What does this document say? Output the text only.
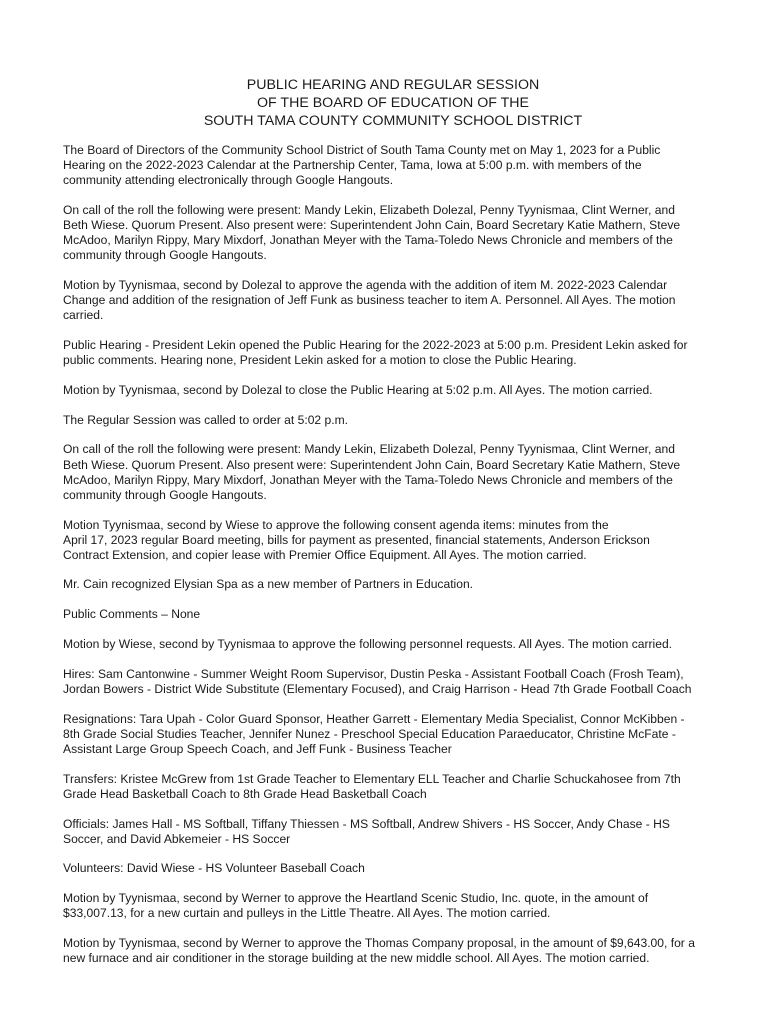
PUBLIC HEARING AND REGULAR SESSION
OF THE BOARD OF EDUCATION OF THE
SOUTH TAMA COUNTY COMMUNITY SCHOOL DISTRICT

The Board of Directors of the Community School District of South Tama County met on May 1, 2023 for a Public
Hearing on the 2022-2023 Calendar at the Partnership Center, Tama, Iowa at 5:00 p.m. with members of the
community attending electronically through Google Hangouts.

On call of the roll the following were present: Mandy Lekin, Elizabeth Dolezal, Penny Tyynismaa, Clint Werner, and
Beth Wiese. Quorum Present. Also present were: Superintendent John Cain, Board Secretary Katie Mathern, Steve
McAdoo, Marilyn Rippy, Mary Mixdorf, Jonathan Meyer with the Tama-Toledo News Chronicle and members of the
community through Google Hangouts.

Motion by Tyynismaa, second by Dolezal to approve the agenda with the addition of item M. 2022-2023 Calendar
Change and addition of the resignation of Jeff Funk as business teacher to item A. Personnel. All Ayes. The motion
carried.

Public Hearing - President Lekin opened the Public Hearing for the 2022-2023 at 5:00 p.m. President Lekin asked for
public comments. Hearing none, President Lekin asked for a motion to close the Public Hearing.

Motion by Tyynismaa, second by Dolezal to close the Public Hearing at 5:02 p.m. All Ayes. The motion carried.

The Regular Session was called to order at 5:02 p.m.

On call of the roll the following were present: Mandy Lekin, Elizabeth Dolezal, Penny Tyynismaa, Clint Werner, and
Beth Wiese. Quorum Present. Also present were: Superintendent John Cain, Board Secretary Katie Mathern, Steve
McAdoo, Marilyn Rippy, Mary Mixdorf, Jonathan Meyer with the Tama-Toledo News Chronicle and members of the
community through Google Hangouts.

Motion Tyynismaa, second by Wiese to approve the following consent agenda items: minutes from the
April 17, 2023 regular Board meeting, bills for payment as presented, financial statements, Anderson Erickson
Contract Extension, and copier lease with Premier Office Equipment. All Ayes. The motion carried.

Mr. Cain recognized Elysian Spa as a new member of Partners in Education.

Public Comments – None

Motion by Wiese, second by Tyynismaa to approve the following personnel requests. All Ayes. The motion carried.

Hires: Sam Cantonwine - Summer Weight Room Supervisor, Dustin Peska - Assistant Football Coach (Frosh Team),
Jordan Bowers - District Wide Substitute (Elementary Focused), and Craig Harrison - Head 7th Grade Football Coach

Resignations: Tara Upah - Color Guard Sponsor, Heather Garrett - Elementary Media Specialist, Connor McKibben -
8th Grade Social Studies Teacher, Jennifer Nunez - Preschool Special Education Paraeducator, Christine McFate -
Assistant Large Group Speech Coach, and Jeff Funk - Business Teacher

Transfers: Kristee McGrew from 1st Grade Teacher to Elementary ELL Teacher and Charlie Schuckahosee from 7th
Grade Head Basketball Coach to 8th Grade Head Basketball Coach

Officials: James Hall - MS Softball, Tiffany Thiessen - MS Softball, Andrew Shivers - HS Soccer, Andy Chase - HS
Soccer, and David Abkemeier - HS Soccer

Volunteers: David Wiese - HS Volunteer Baseball Coach

Motion by Tyynismaa, second by Werner to approve the Heartland Scenic Studio, Inc. quote, in the amount of
$33,007.13, for a new curtain and pulleys in the Little Theatre. All Ayes. The motion carried.

Motion by Tyynismaa, second by Werner to approve the Thomas Company proposal, in the amount of $9,643.00, for a
new furnace and air conditioner in the storage building at the new middle school. All Ayes. The motion carried.
